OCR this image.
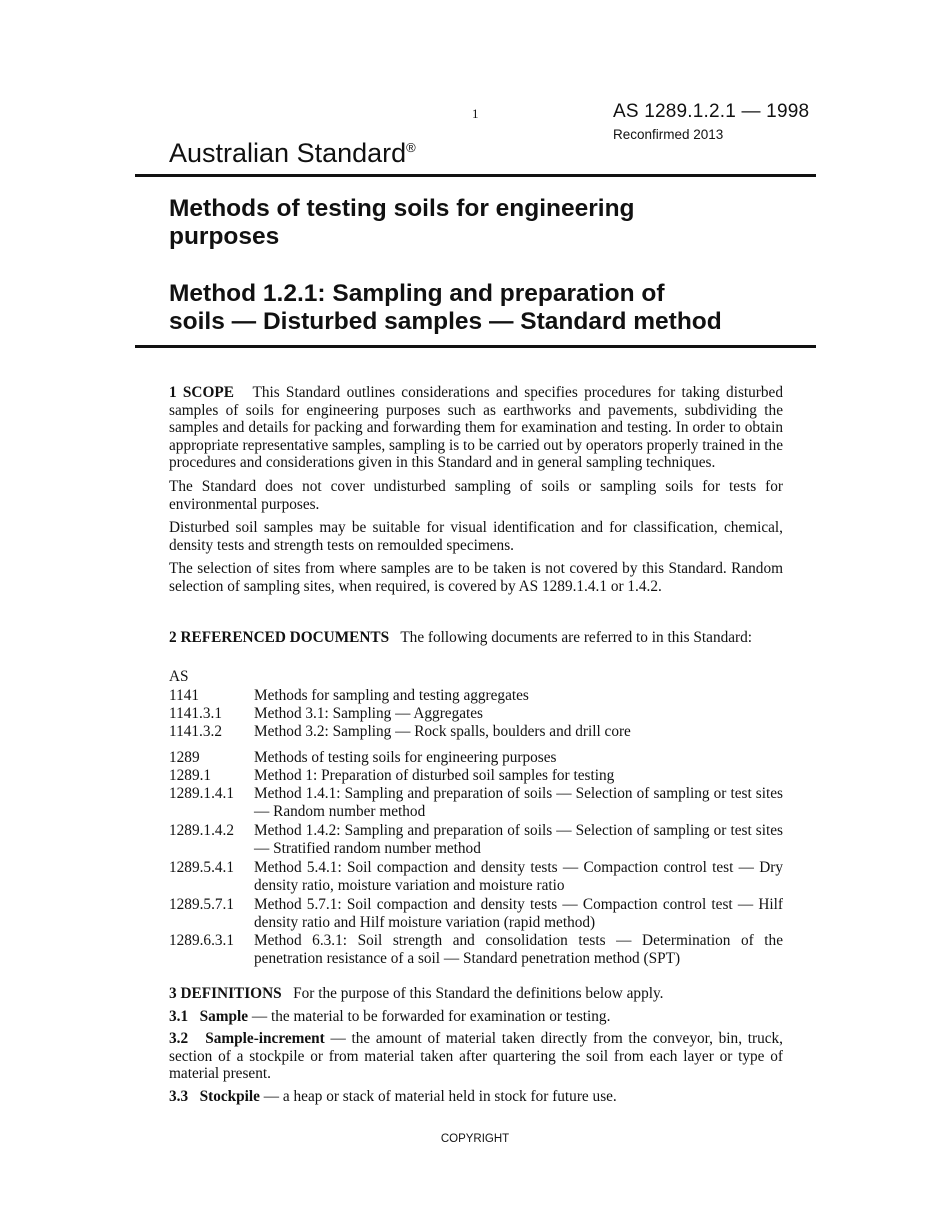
1	AS 1289.1.2.1 — 1998
Reconfirmed 2013
Australian Standard®
Methods of testing soils for engineering
purposes
Method 1.2.1: Sampling and preparation of
soils — Disturbed samples — Standard method

1 SCOPE This Standard outlines considerations and specifies procedures for taking disturbed samples of soils for engineering purposes such as earthworks and pavements, subdividing the samples and details for packing and forwarding them for examination and testing. In order to obtain appropriate representative samples, sampling is to be carried out by operators properly trained in the procedures and considerations given in this Standard and in general sampling techniques.

The Standard does not cover undisturbed sampling of soils or sampling soils for tests for environmental purposes.

Disturbed soil samples may be suitable for visual identification and for classification, chemical, density tests and strength tests on remoulded specimens.

The selection of sites from where samples are to be taken is not covered by this Standard. Random selection of sampling sites, when required, is covered by AS 1289.1.4.1 or 1.4.2.

2 REFERENCED DOCUMENTS The following documents are referred to in this Standard:

AS
1141	Methods for sampling and testing aggregates
1141.3.1	Method 3.1: Sampling — Aggregates
1141.3.2	Method 3.2: Sampling — Rock spalls, boulders and drill core
1289	Methods of testing soils for engineering purposes
1289.1	Method 1: Preparation of disturbed soil samples for testing
1289.1.4.1	Method 1.4.1: Sampling and preparation of soils — Selection of sampling or test sites — Random number method
1289.1.4.2	Method 1.4.2: Sampling and preparation of soils — Selection of sampling or test sites — Stratified random number method
1289.5.4.1	Method 5.4.1: Soil compaction and density tests — Compaction control test — Dry density ratio, moisture variation and moisture ratio
1289.5.7.1	Method 5.7.1: Soil compaction and density tests — Compaction control test — Hilf density ratio and Hilf moisture variation (rapid method)
1289.6.3.1	Method 6.3.1: Soil strength and consolidation tests — Determination of the penetration resistance of a soil — Standard penetration method (SPT)

3 DEFINITIONS For the purpose of this Standard the definitions below apply.

3.1 Sample — the material to be forwarded for examination or testing.

3.2 Sample-increment — the amount of material taken directly from the conveyor, bin, truck, section of a stockpile or from material taken after quartering the soil from each layer or type of material present.

3.3 Stockpile — a heap or stack of material held in stock for future use.

COPYRIGHT
